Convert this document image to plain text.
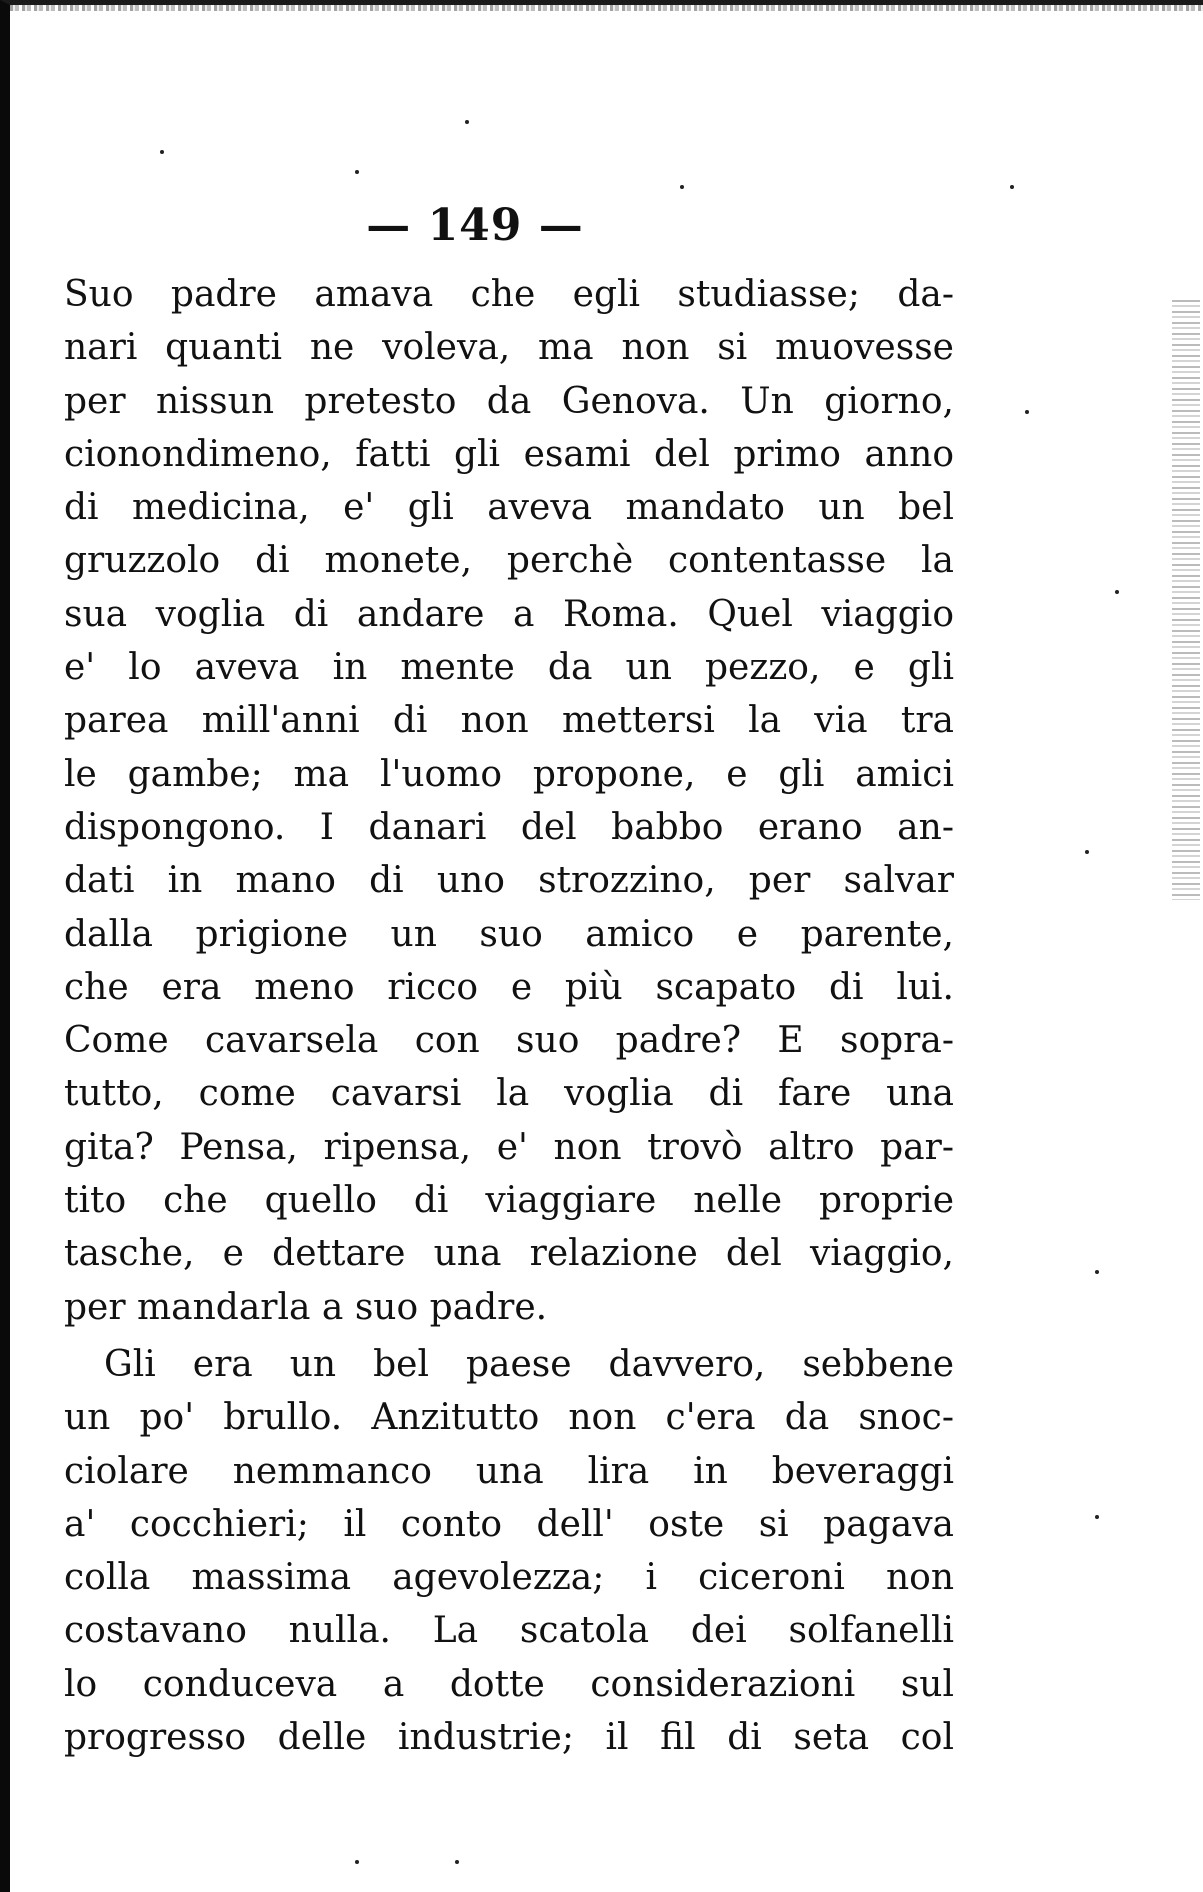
— 149 —
Suo padre amava che egli studiasse; da-
nari quanti ne voleva, ma non si muovesse
per nissun pretesto da Genova. Un giorno,
cionondimeno, fatti gli esami del primo anno
di medicina, e' gli aveva mandato un bel
gruzzolo di monete, perchè contentasse la
sua voglia di andare a Roma. Quel viaggio
e' lo aveva in mente da un pezzo, e gli
parea mill'anni di non mettersi la via tra
le gambe; ma l'uomo propone, e gli amici
dispongono. I danari del babbo erano an-
dati in mano di uno strozzino, per salvar
dalla prigione un suo amico e parente,
che era meno ricco e più scapato di lui.
Come cavarsela con suo padre? E sopra-
tutto, come cavarsi la voglia di fare una
gita? Pensa, ripensa, e' non trovò altro par-
tito che quello di viaggiare nelle proprie
tasche, e dettare una relazione del viaggio,
per mandarla a suo padre.
Gli era un bel paese davvero, sebbene
un po' brullo. Anzitutto non c'era da snoc-
ciolare nemmanco una lira in beveraggi
a' cocchieri; il conto dell' oste si pagava
colla massima agevolezza; i ciceroni non
costavano nulla. La scatola dei solfanelli
lo conduceva a dotte considerazioni sul
progresso delle industrie; il fil di seta col
